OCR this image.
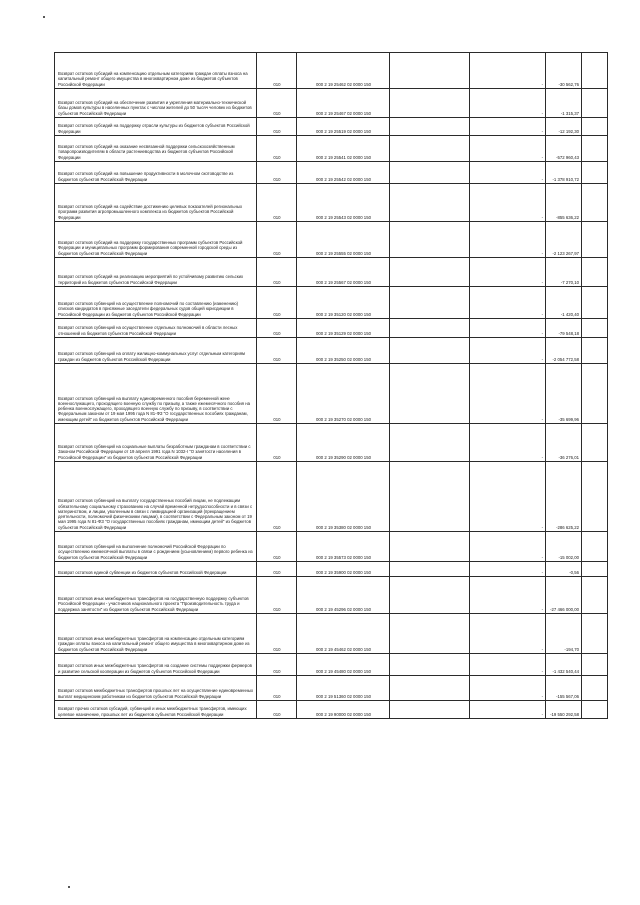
Возврат остатков субсидий на компенсацию отдельным категориям граждан оплаты взноса на капитальный ремонт общего имущества в многоквартирном доме из бюджетов субъектов Российской Федерации	010	000 2 19 25462 02 0000 150		-	-30 562,76	
Возврат остатков субсидий на обеспечение развития и укрепления материально-технической базы домов культуры в населенных пунктах с числом жителей до 50 тысяч человек из бюджетов субъектов Российской Федерации	010	000 2 19 25467 02 0000 150		-	-1 315,37	
Возврат остатков субсидий на поддержку отрасли культуры из бюджетов субъектов Российской Федерации	010	000 2 19 25519 02 0000 150		-	-12 192,30	
Возврат остатков субсидий на оказание несвязанной поддержки сельскохозяйственным товаропроизводителям в области растениеводства из бюджетов субъектов Российской Федерации	010	000 2 19 25541 02 0000 150		-	-572 960,43	
Возврат остатков субсидий на повышение продуктивности в молочном скотоводстве из бюджетов субъектов Российской Федерации	010	000 2 19 25542 02 0000 150		-	-1 378 910,72	
Возврат остатков субсидий на содействие достижению целевых показателей региональных программ развития агропромышленного комплекса из бюджетов субъектов Российской Федерации	010	000 2 19 25543 02 0000 150		-	-855 636,22	
Возврат остатков субсидий на поддержку государственных программ субъектов Российской Федерации и муниципальных программ формирования современной городской среды из бюджетов субъектов Российской Федерации	010	000 2 19 25555 02 0000 150		-	-2 123 267,97	
Возврат остатков субсидий на реализацию мероприятий по устойчивому развитию сельских территорий из бюджетов субъектов Российской Федерации	010	000 2 19 25567 02 0000 150		-	-7 270,10	
Возврат остатков субвенций на осуществление полномочий по составлению (изменению) списков кандидатов в присяжные заседатели федеральных судов общей юрисдикции в Российской Федерации из бюджетов субъектов Российской Федерации	010	000 2 19 35120 02 0000 150		-	-1 420,40	
Возврат остатков субвенций на осуществление отдельных полномочий в области лесных отношений из бюджетов субъектов Российской Федерации	010	000 2 19 35129 02 0000 150		-	-79 548,18	
Возврат остатков субвенций на оплату жилищно-коммунальных услуг отдельным категориям граждан из бюджетов субъектов Российской Федерации	010	000 2 19 35250 02 0000 150		-	-2 054 772,58	
Возврат остатков субвенций на выплату единовременного пособия беременной жене военнослужащего, проходящего военную службу по призыву, а также ежемесячного пособия на ребенка военнослужащего, проходящего военную службу по призыву, в соответствии с Федеральным законом от 19 мая 1995 года N 81-ФЗ "О государственных пособиях гражданам, имеющим детей" из бюджетов субъектов Российской Федерации	010	000 2 19 35270 02 0000 150		-	-35 699,96	
Возврат остатков субвенций на социальные выплаты безработным гражданам в соответствии с Законом Российской Федерации от 19 апреля 1991 года N 1032-I "О занятости населения в Российской Федерации" из бюджетов субъектов Российской Федерации	010	000 2 19 35290 02 0000 150		-	-36 276,01	
Возврат остатков субвенций на выплату государственных пособий лицам, не подлежащим обязательному социальному страхованию на случай временной нетрудоспособности и в связи с материнством, и лицам, уволенным в связи с ликвидацией организаций (прекращением деятельности, полномочий физическими лицами), в соответствии с Федеральным законом от 19 мая 1995 года N 81-ФЗ "О государственных пособиях гражданам, имеющим детей" из бюджетов субъектов Российской Федерации	010	000 2 19 35380 02 0000 150		-	-286 625,22	
Возврат остатков субвенций на выполнение полномочий Российской Федерации по осуществлению ежемесячной выплаты в связи с рождением (усыновлением) первого ребенка из бюджетов субъектов Российской Федерации	010	000 2 19 35573 02 0000 150		-	-15 002,00	
Возврат остатков единой субвенции из бюджетов субъектов Российской Федерации	010	000 2 19 35900 02 0000 150		-	-0,56	
Возврат остатков иных межбюджетных трансфертов на государственную поддержку субъектов Российской Федерации - участников национального проекта "Производительность труда и поддержка занятости" из бюджетов субъектов Российской Федерации	010	000 2 19 45296 02 0000 150		-	-27 466 000,00	
Возврат остатков иных межбюджетных трансфертов на компенсацию отдельным категориям граждан оплаты взноса на капитальный ремонт общего имущества в многоквартирном доме из бюджетов субъектов Российской Федерации	010	000 2 19 45462 02 0000 150		-	-194,70	
Возврат остатков иных межбюджетных трансфертов на создание системы поддержки фермеров и развитие сельской кооперации из бюджетов субъектов Российской Федерации	010	000 2 19 45480 02 0000 150		-	-1 432 540,44	
Возврат остатков межбюджетных трансфертов прошлых лет на осуществление единовременных выплат медицинским работникам из бюджетов субъектов Российской Федерации	010	000 2 19 51360 02 0000 150		-	-155 567,06	
Возврат прочих остатков субсидий, субвенций и иных межбюджетных трансфертов, имеющих целевое назначение, прошлых лет из бюджетов субъектов Российской Федерации	010	000 2 19 90000 02 0000 150		-	-19 550 292,58	
